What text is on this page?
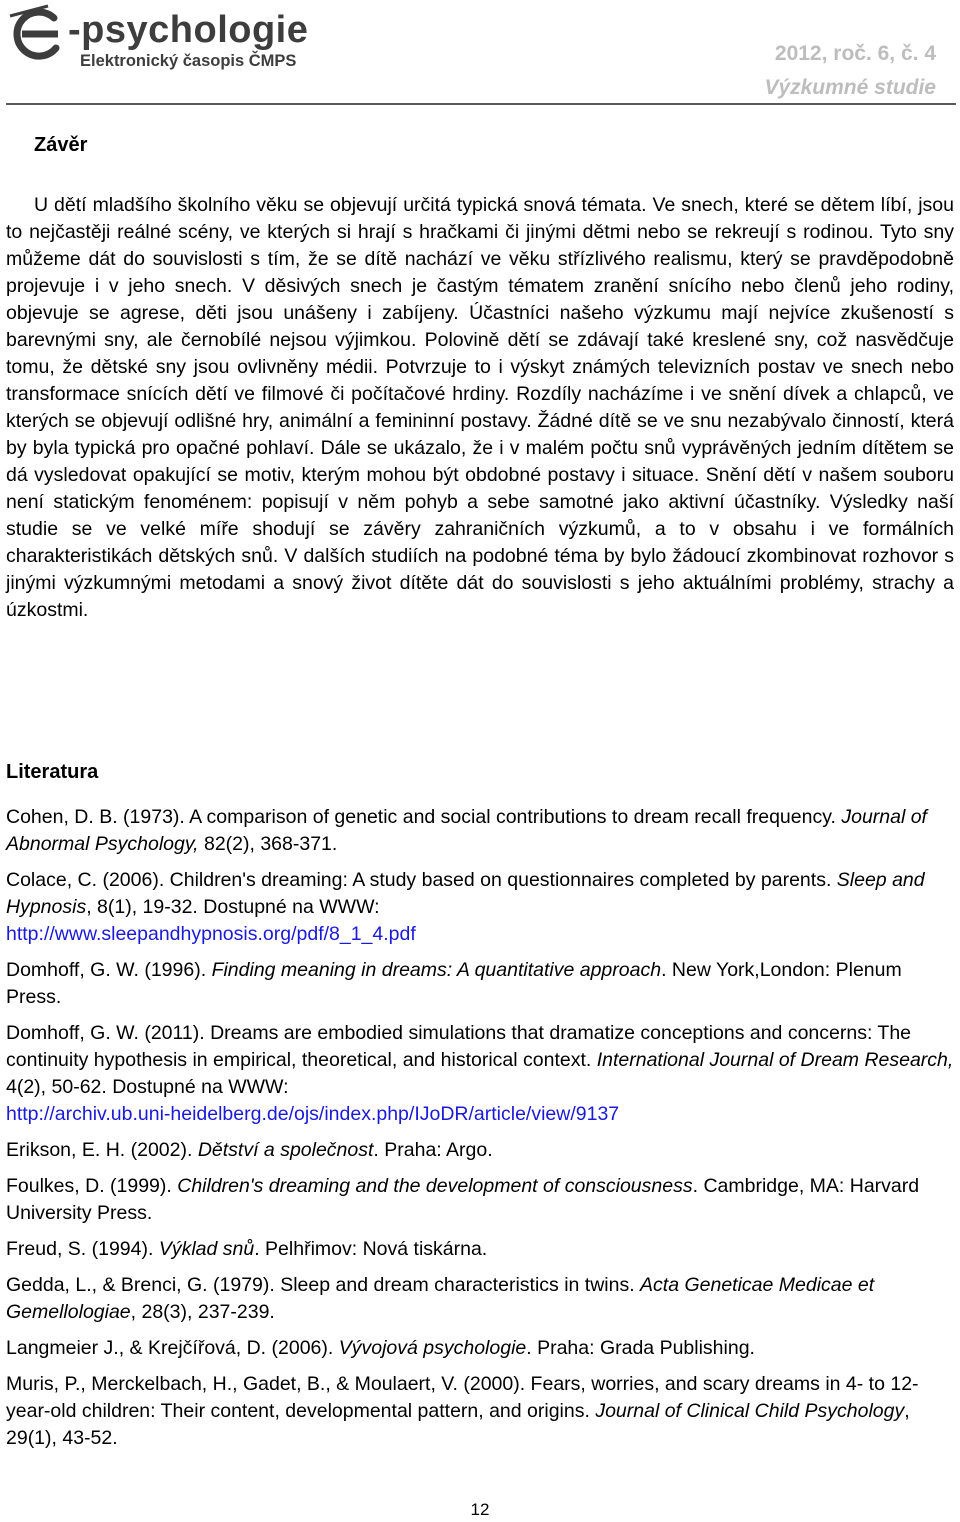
-psychologie
Elektronický časopis ČMPS	2012, roč. 6, č. 4
Výzkumné studie
Závěr
U dětí mladšího školního věku se objevují určitá typická snová témata. Ve snech, které se dětem líbí, jsou to nejčastěji reálné scény, ve kterých si hrají s hračkami či jinými dětmi nebo se rekreují s rodinou. Tyto sny můžeme dát do souvislosti s tím, že se dítě nachází ve věku střízlivého realismu, který se pravděpodobně projevuje i v jeho snech. V děsivých snech je častým tématem zranění snícího nebo členů jeho rodiny, objevuje se agrese, děti jsou unášeny i zabíjeny. Účastníci našeho výzkumu mají nejvíce zkušeností s barevnými sny, ale černobílé nejsou výjimkou. Polovině dětí se zdávají také kreslené sny, což nasvědčuje tomu, že dětské sny jsou ovlivněny médii. Potvrzuje to i výskyt známých televizních postav ve snech nebo transformace snících dětí ve filmové či počítačové hrdiny. Rozdíly nacházíme i ve snění dívek a chlapců, ve kterých se objevují odlišné hry, animální a femininní postavy. Žádné dítě se ve snu nezabývalo činností, která by byla typická pro opačné pohlaví. Dále se ukázalo, že i v malém počtu snů vyprávěných jedním dítětem se dá vysledovat opakující se motiv, kterým mohou být obdobné postavy i situace. Snění dětí v našem souboru není statickým fenoménem: popisují v něm pohyb a sebe samotné jako aktivní účastníky. Výsledky naší studie se ve velké míře shodují se závěry zahraničních výzkumů, a to v obsahu i ve formálních charakteristikách dětských snů. V dalších studiích na podobné téma by bylo žádoucí zkombinovat rozhovor s jinými výzkumnými metodami a snový život dítěte dát do souvislosti s jeho aktuálními problémy, strachy a úzkostmi.
Literatura
Cohen, D. B. (1973). A comparison of genetic and social contributions to dream recall frequency. Journal of Abnormal Psychology, 82(2), 368-371.
Colace, C. (2006). Children's dreaming: A study based on questionnaires completed by parents. Sleep and Hypnosis, 8(1), 19-32. Dostupné na WWW:
http://www.sleepandhypnosis.org/pdf/8_1_4.pdf
Domhoff, G. W. (1996). Finding meaning in dreams: A quantitative approach. New York,London: Plenum Press.
Domhoff, G. W. (2011). Dreams are embodied simulations that dramatize conceptions and concerns: The continuity hypothesis in empirical, theoretical, and historical context. International Journal of Dream Research, 4(2), 50-62. Dostupné na WWW:
http://archiv.ub.uni-heidelberg.de/ojs/index.php/IJoDR/article/view/9137
Erikson, E. H. (2002). Dětství a společnost. Praha: Argo.
Foulkes, D. (1999). Children's dreaming and the development of consciousness. Cambridge, MA: Harvard University Press.
Freud, S. (1994). Výklad snů. Pelhřimov: Nová tiskárna.
Gedda, L., & Brenci, G. (1979). Sleep and dream characteristics in twins. Acta Geneticae Medicae et Gemellologiae, 28(3), 237-239.
Langmeier J., & Krejčířová, D. (2006). Vývojová psychologie. Praha: Grada Publishing.
Muris, P., Merckelbach, H., Gadet, B., & Moulaert, V. (2000). Fears, worries, and scary dreams in 4- to 12-year-old children: Their content, developmental pattern, and origins. Journal of Clinical Child Psychology, 29(1), 43-52.
12
